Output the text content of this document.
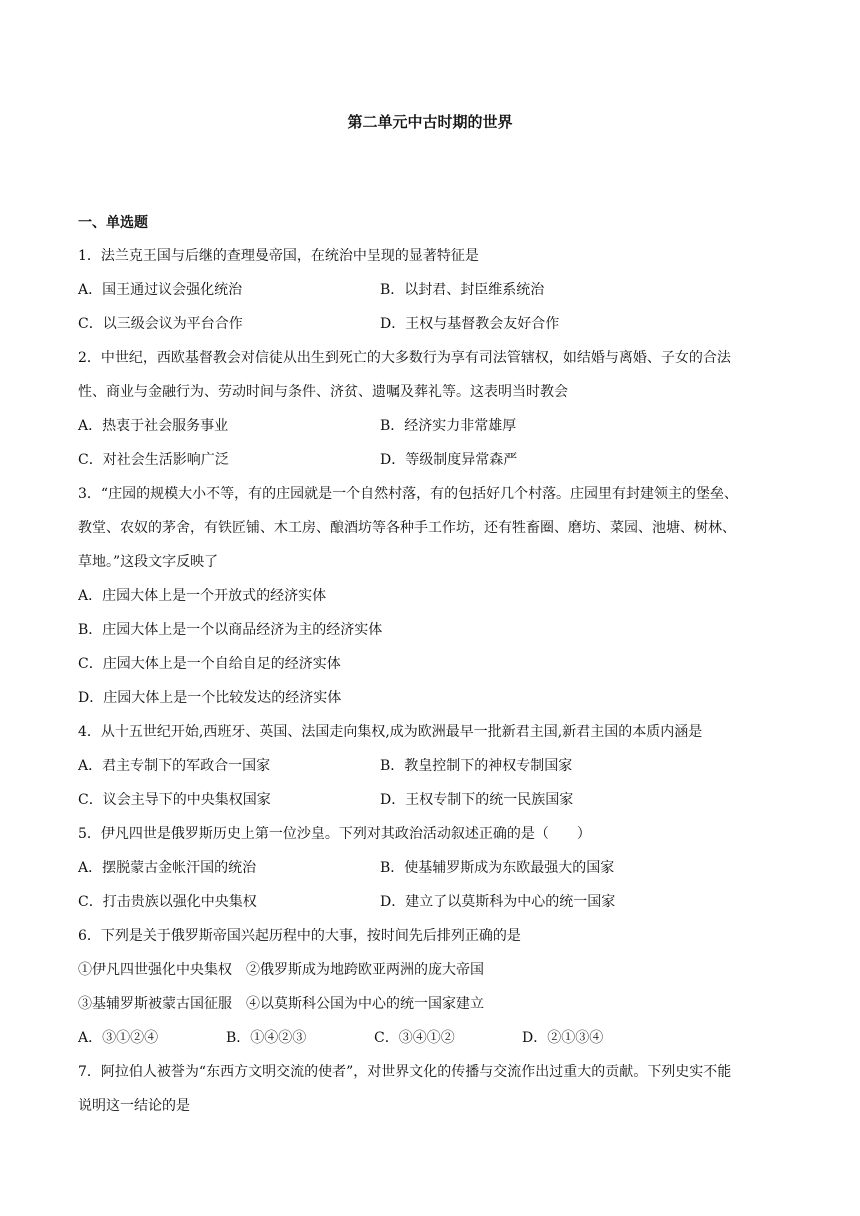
第二单元中古时期的世界
一、单选题
1．法兰克王国与后继的查理曼帝国，在统治中呈现的显著特征是
A．国王通过议会强化统治	B．以封君、封臣维系统治
C．以三级会议为平台合作	D．王权与基督教会友好合作
2．中世纪，西欧基督教会对信徒从出生到死亡的大多数行为享有司法管辖权，如结婚与离婚、子女的合法
性、商业与金融行为、劳动时间与条件、济贫、遗嘱及葬礼等。这表明当时教会
A．热衷于社会服务事业	B．经济实力非常雄厚
C．对社会生活影响广泛	D．等级制度异常森严
3．“庄园的规模大小不等，有的庄园就是一个自然村落，有的包括好几个村落。庄园里有封建领主的堡垒、
教堂、农奴的茅舍，有铁匠铺、木工房、酿酒坊等各种手工作坊，还有牲畜圈、磨坊、菜园、池塘、树林、
草地。”这段文字反映了
A．庄园大体上是一个开放式的经济实体
B．庄园大体上是一个以商品经济为主的经济实体
C．庄园大体上是一个自给自足的经济实体
D．庄园大体上是一个比较发达的经济实体
4．从十五世纪开始,西班牙、英国、法国走向集权,成为欧洲最早一批新君主国,新君主国的本质内涵是
A．君主专制下的军政合一国家	B．教皇控制下的神权专制国家
C．议会主导下的中央集权国家	D．王权专制下的统一民族国家
5．伊凡四世是俄罗斯历史上第一位沙皇。下列对其政治活动叙述正确的是（　　）
A．摆脱蒙古金帐汗国的统治	B．使基辅罗斯成为东欧最强大的国家
C．打击贵族以强化中央集权	D．建立了以莫斯科为中心的统一国家
6．下列是关于俄罗斯帝国兴起历程中的大事，按时间先后排列正确的是
①伊凡四世强化中央集权　②俄罗斯成为地跨欧亚两洲的庞大帝国
③基辅罗斯被蒙古国征服　④以莫斯科公国为中心的统一国家建立
A．③①②④	B．①④②③	C．③④①②	D．②①③④
7．阿拉伯人被誉为“东西方文明交流的使者”，对世界文化的传播与交流作出过重大的贡献。下列史实不能
说明这一结论的是
